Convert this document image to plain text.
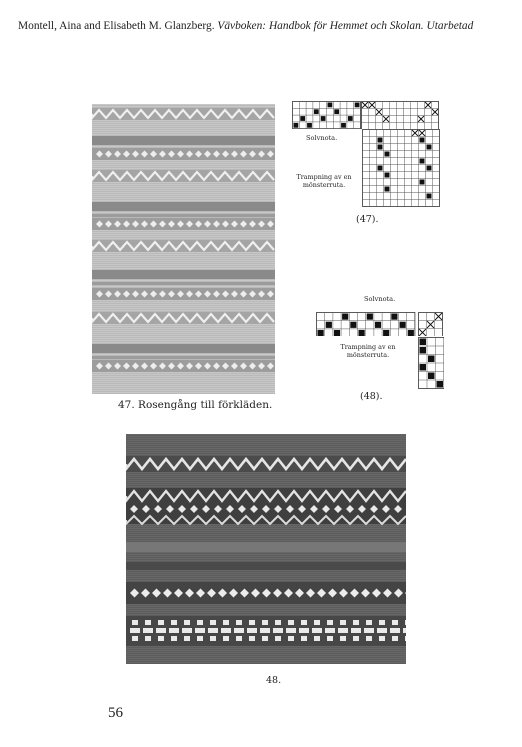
Montell, Aina and Elisabeth M. Glanzberg. Vävboken: Handbok för Hemmet och Skolan. Utarbetad
47. Rosengång till förkläden.
Solvnota.
Trampning av en
mönsterruta.
(47).
Solvnota.
Trampning av en
mönsterruta.
(48).
48.
56
